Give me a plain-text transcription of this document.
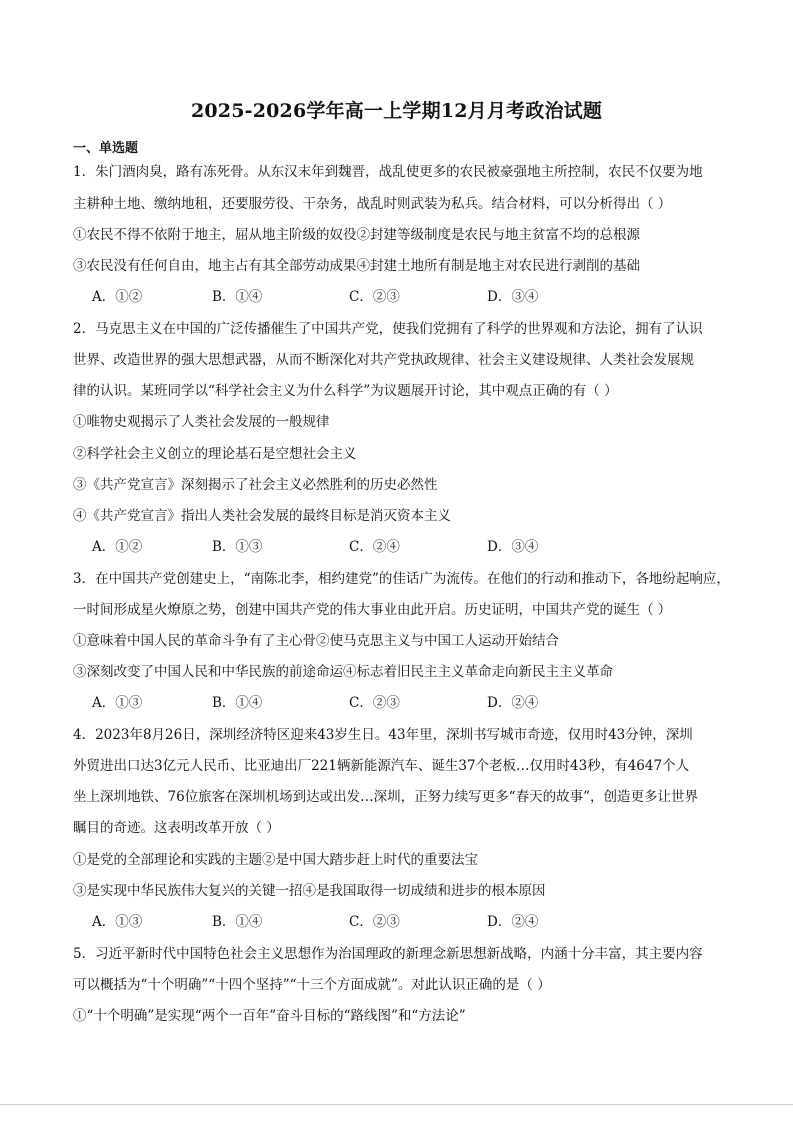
2025-2026学年高一上学期12月月考政治试题
一、单选题
1．朱门酒肉臭，路有冻死骨。从东汉末年到魏晋，战乱使更多的农民被豪强地主所控制，农民不仅要为地
主耕种土地、缴纳地租，还要服劳役、干杂务，战乱时则武装为私兵。结合材料，可以分析得出（ ）
①农民不得不依附于地主，屈从地主阶级的奴役②封建等级制度是农民与地主贫富不均的总根源
③农民没有任何自由，地主占有其全部劳动成果④封建土地所有制是地主对农民进行剥削的基础
A．①②	B．①④	C．②③	D．③④
2．马克思主义在中国的广泛传播催生了中国共产党，使我们党拥有了科学的世界观和方法论，拥有了认识
世界、改造世界的强大思想武器，从而不断深化对共产党执政规律、社会主义建设规律、人类社会发展规
律的认识。某班同学以“科学社会主义为什么科学”为议题展开讨论，其中观点正确的有（ ）
①唯物史观揭示了人类社会发展的一般规律
②科学社会主义创立的理论基石是空想社会主义
③《共产党宣言》深刻揭示了社会主义必然胜利的历史必然性
④《共产党宣言》指出人类社会发展的最终目标是消灭资本主义
A．①②	B．①③	C．②④	D．③④
3．在中国共产党创建史上，“南陈北李，相约建党”的佳话广为流传。在他们的行动和推动下，各地纷起响应，
一时间形成星火燎原之势，创建中国共产党的伟大事业由此开启。历史证明，中国共产党的诞生（ ）
①意味着中国人民的革命斗争有了主心骨②使马克思主义与中国工人运动开始结合
③深刻改变了中国人民和中华民族的前途命运④标志着旧民主主义革命走向新民主主义革命
A．①③	B．①④	C．②③	D．②④
4．2023年8月26日，深圳经济特区迎来43岁生日。43年里，深圳书写城市奇迹，仅用时43分钟，深圳
外贸进出口达3亿元人民币、比亚迪出厂221辆新能源汽车、诞生37个老板…仅用时43秒，有4647个人
坐上深圳地铁、76位旅客在深圳机场到达或出发…深圳，正努力续写更多“春天的故事”，创造更多让世界
瞩目的奇迹。这表明改革开放（ ）
①是党的全部理论和实践的主题②是中国大踏步赶上时代的重要法宝
③是实现中华民族伟大复兴的关键一招④是我国取得一切成绩和进步的根本原因
A．①③	B．①④	C．②③	D．②④
5．习近平新时代中国特色社会主义思想作为治国理政的新理念新思想新战略，内涵十分丰富，其主要内容
可以概括为“十个明确”“十四个坚持”“十三个方面成就”。对此认识正确的是（ ）
①“十个明确”是实现“两个一百年”奋斗目标的“路线图”和“方法论”
